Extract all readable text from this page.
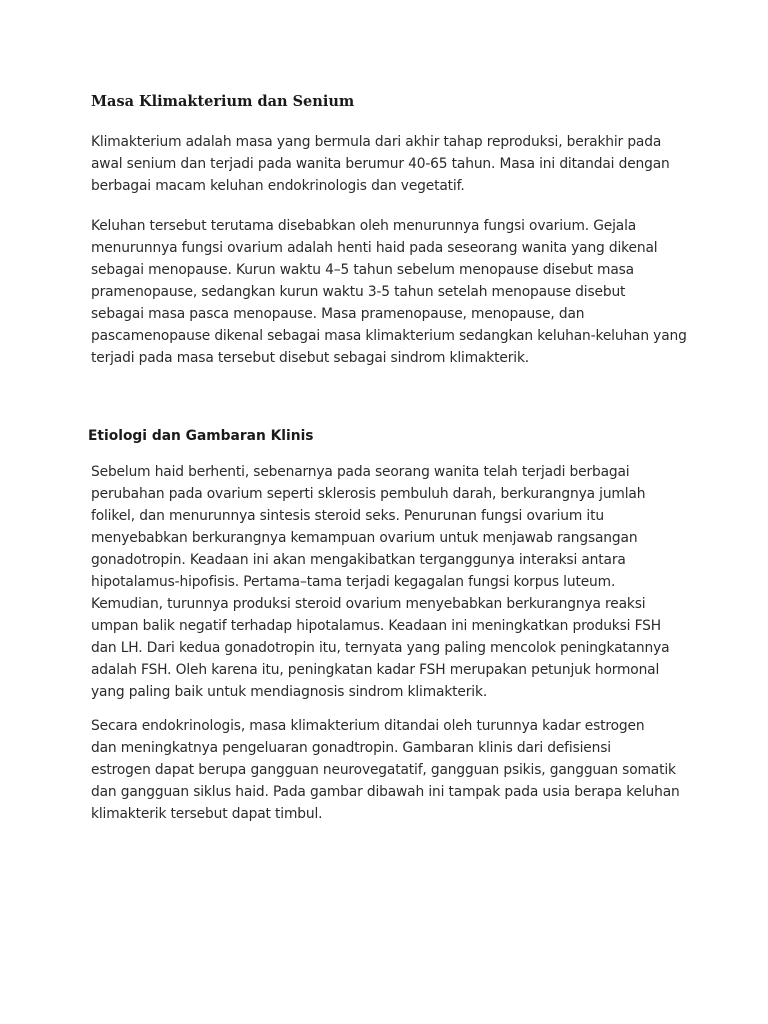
Masa Klimakterium dan Senium

Klimakterium adalah masa yang bermula dari akhir tahap reproduksi, berakhir pada
awal senium dan terjadi pada wanita berumur 40-65 tahun. Masa ini ditandai dengan
berbagai macam keluhan endokrinologis dan vegetatif.

Keluhan tersebut terutama disebabkan oleh menurunnya fungsi ovarium. Gejala
menurunnya fungsi ovarium adalah henti haid pada seseorang wanita yang dikenal
sebagai menopause. Kurun waktu 4–5 tahun sebelum menopause disebut masa
pramenopause, sedangkan kurun waktu 3-5 tahun setelah menopause disebut
sebagai masa pasca menopause. Masa pramenopause, menopause, dan
pascamenopause dikenal sebagai masa klimakterium sedangkan keluhan-keluhan yang
terjadi pada masa tersebut disebut sebagai sindrom klimakterik.

Etiologi dan Gambaran Klinis

Sebelum haid berhenti, sebenarnya pada seorang wanita telah terjadi berbagai
perubahan pada ovarium seperti sklerosis pembuluh darah, berkurangnya jumlah
folikel, dan menurunnya sintesis steroid seks. Penurunan fungsi ovarium itu
menyebabkan berkurangnya kemampuan ovarium untuk menjawab rangsangan
gonadotropin. Keadaan ini akan mengakibatkan terganggunya interaksi antara
hipotalamus-hipofisis. Pertama–tama terjadi kegagalan fungsi korpus luteum.
Kemudian, turunnya produksi steroid ovarium menyebabkan berkurangnya reaksi
umpan balik negatif terhadap hipotalamus. Keadaan ini meningkatkan produksi FSH
dan LH. Dari kedua gonadotropin itu, ternyata yang paling mencolok peningkatannya
adalah FSH. Oleh karena itu, peningkatan kadar FSH merupakan petunjuk hormonal
yang paling baik untuk mendiagnosis sindrom klimakterik.

Secara endokrinologis, masa klimakterium ditandai oleh turunnya kadar estrogen
dan meningkatnya pengeluaran gonadtropin. Gambaran klinis dari defisiensi
estrogen dapat berupa gangguan neurovegatatif, gangguan psikis, gangguan somatik
dan gangguan siklus haid. Pada gambar dibawah ini tampak pada usia berapa keluhan
klimakterik tersebut dapat timbul.
